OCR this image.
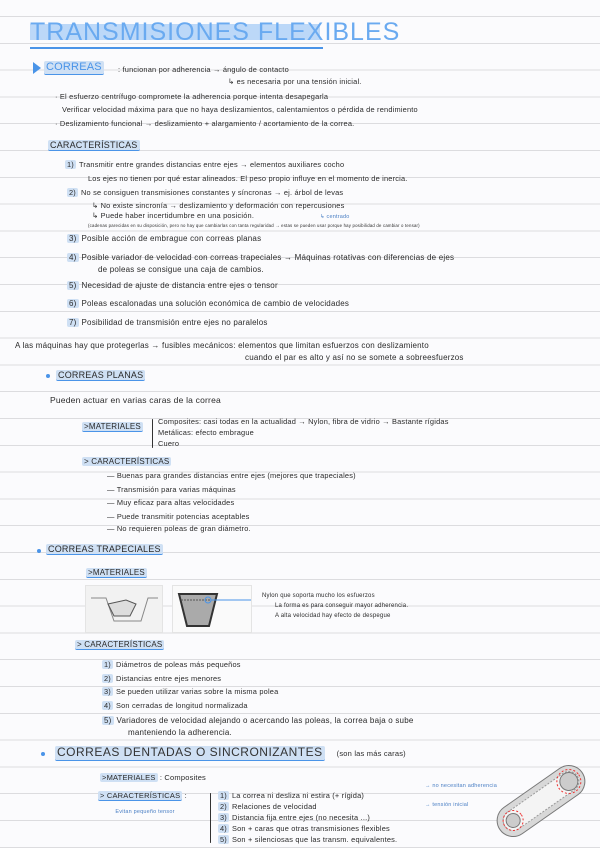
TRANSMISIONES FLEXIBLES
CORREAS : funcionan por adherencia → ángulo de contacto
↳ es necesaria por una tensión inicial.
· El esfuerzo centrífugo compromete la adherencia porque intenta desapegarla
Verificar velocidad máxima para que no haya deslizamientos, calentamientos o pérdida de rendimiento
· Deslizamiento funcional → deslizamiento + alargamiento / acortamiento de la correa.
CARACTERÍSTICAS
1) Transmitir entre grandes distancias entre ejes → elementos auxiliares cocho
Los ejes no tienen por qué estar alineados. El peso propio influye en el momento de inercia.
2) No se consiguen transmisiones constantes y síncronas → ej. árbol de levas
↳ No existe sincronía → deslizamiento y deformación con repercusiones
↳ Puede haber incertidumbre en una posición.	↳ centrado
(cadenas parecidas en su disposición, pero no hay que cambiarlas con tanta regularidad → estas se pueden usar porque hay posibilidad de cambiar o tensar)
3) Posible acción de embrague con correas planas
4) Posible variador de velocidad con correas trapeciales → Máquinas rotativas con diferencias de ejes
de poleas se consigue una caja de cambios.
5) Necesidad de ajuste de distancia entre ejes o tensor
6) Poleas escalonadas una solución económica de cambio de velocidades
7) Posibilidad de transmisión entre ejes no paralelos
A las máquinas hay que protegerlas → fusibles mecánicos: elementos que limitan esfuerzos con deslizamiento
cuando el par es alto y así no se somete a sobreesfuerzos
CORREAS PLANAS
Pueden actuar en varias caras de la correa
>MATERIALES
Composites: casi todas en la actualidad → Nylon, fibra de vidrio → Bastante rígidas
Metálicas: efecto embrague
Cuero
> CARACTERÍSTICAS
— Buenas para grandes distancias entre ejes (mejores que trapeciales)
— Transmisión para varias máquinas
— Muy eficaz para altas velocidades
— Puede transmitir potencias aceptables
— No requieren poleas de gran diámetro.
CORREAS TRAPECIALES
>MATERIALES
Nylon que soporta mucho los esfuerzos
La forma es para conseguir mayor adherencia.
A alta velocidad hay efecto de despegue
> CARACTERÍSTICAS
1) Diámetros de poleas más pequeños
2) Distancias entre ejes menores
3) Se pueden utilizar varias sobre la misma polea
4) Son cerradas de longitud normalizada
5) Variadores de velocidad alejando o acercando las poleas, la correa baja o sube
manteniendo la adherencia.
CORREAS DENTADAS O SINCRONIZANTES (son las más caras)
>MATERIALES : Composites
> CARACTERÍSTICAS :
Evitan pequeño tensor
1) La correa ni desliza ni estira (+ rígida)
2) Relaciones de velocidad
3) Distancia fija entre ejes (no necesita ...)
4) Son + caras que otras transmisiones flexibles
5) Son + silenciosas que las transm. equivalentes.
→ no necesitan adherencia
→ tensión inicial
